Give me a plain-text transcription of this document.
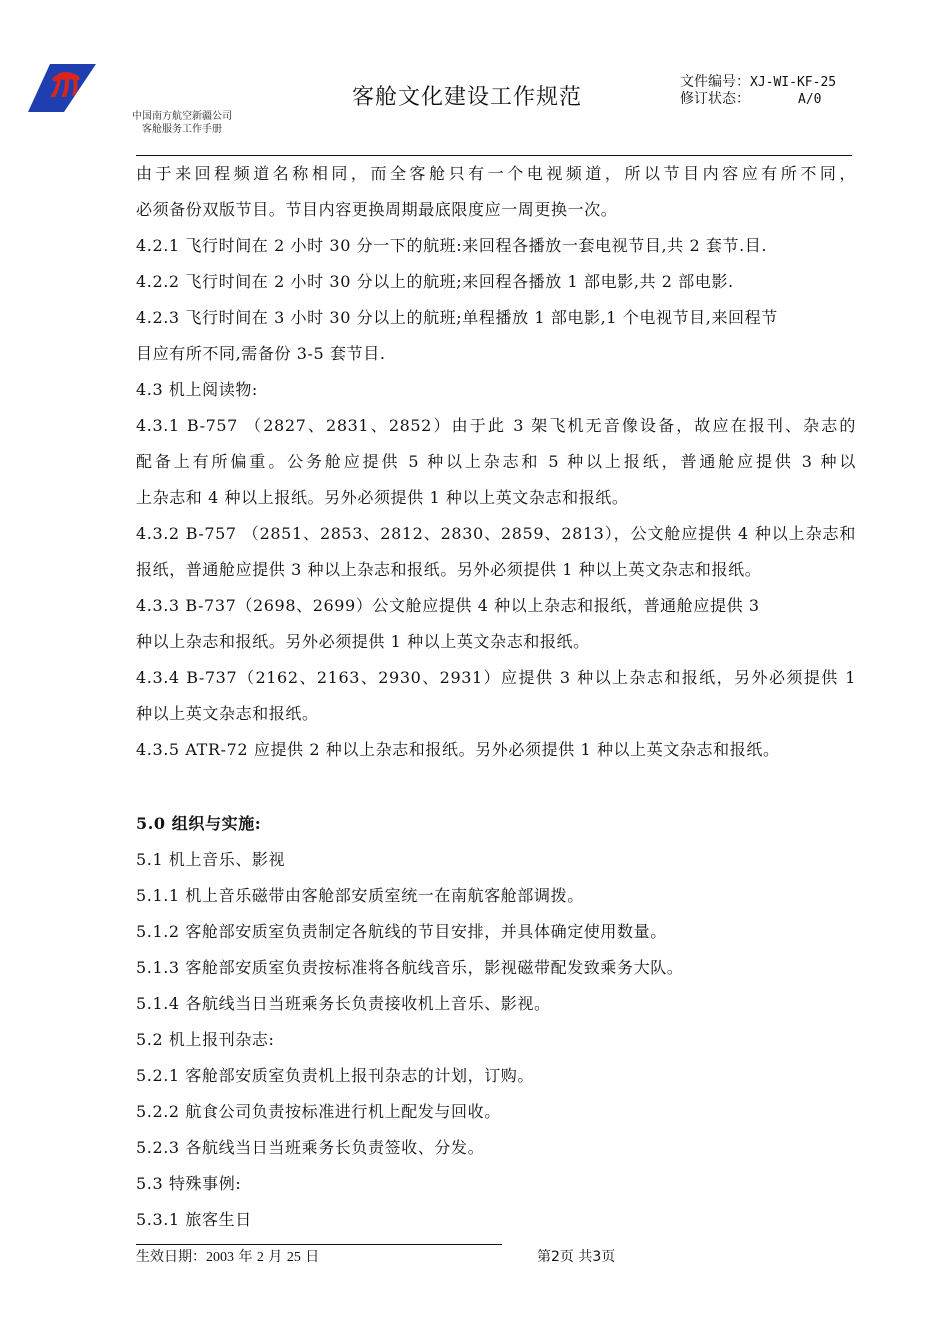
中国南方航空新疆公司
客舱服务工作手册
客舱文化建设工作规范
文件编号：XJ-WI-KF-25
修订状态：	A/0
由于来回程频道名称相同，而全客舱只有一个电视频道，所以节目内容应有所不同，
必须备份双版节目。节目内容更换周期最底限度应一周更换一次。
4.2.1 飞行时间在 2 小时 30 分一下的航班:来回程各播放一套电视节目,共 2 套节.目.
4.2.2 飞行时间在 2 小时 30 分以上的航班;来回程各播放 1 部电影,共 2 部电影.
4.2.3 飞行时间在 3 小时 30 分以上的航班;单程播放 1 部电影,1 个电视节目,来回程节
目应有所不同,需备份 3-5 套节目.
4.3 机上阅读物:
4.3.1 B-757 （2827、2831、2852）由于此 3 架飞机无音像设备，故应在报刊、杂志的
配备上有所偏重。公务舱应提供 5 种以上杂志和 5 种以上报纸，普通舱应提供 3 种以
上杂志和 4 种以上报纸。另外必须提供 1 种以上英文杂志和报纸。
4.3.2 B-757 （2851、2853、2812、2830、2859、2813），公文舱应提供 4 种以上杂志和
报纸，普通舱应提供 3 种以上杂志和报纸。另外必须提供 1 种以上英文杂志和报纸。
4.3.3 B-737（2698、2699）公文舱应提供 4 种以上杂志和报纸，普通舱应提供 3
种以上杂志和报纸。另外必须提供 1 种以上英文杂志和报纸。
4.3.4 B-737（2162、2163、2930、2931）应提供 3 种以上杂志和报纸，另外必须提供 1
种以上英文杂志和报纸。
4.3.5 ATR-72 应提供 2 种以上杂志和报纸。另外必须提供 1 种以上英文杂志和报纸。
5.0 组织与实施:
5.1 机上音乐、影视
5.1.1 机上音乐磁带由客舱部安质室统一在南航客舱部调拨。
5.1.2 客舱部安质室负责制定各航线的节目安排，并具体确定使用数量。
5.1.3 客舱部安质室负责按标准将各航线音乐，影视磁带配发致乘务大队。
5.1.4 各航线当日当班乘务长负责接收机上音乐、影视。
5.2 机上报刊杂志:
5.2.1 客舱部安质室负责机上报刊杂志的计划，订购。
5.2.2 航食公司负责按标准进行机上配发与回收。
5.2.3 各航线当日当班乘务长负责签收、分发。
5.3 特殊事例:
5.3.1 旅客生日
生效日期：2003 年 2 月 25 日	第2页 共3页
